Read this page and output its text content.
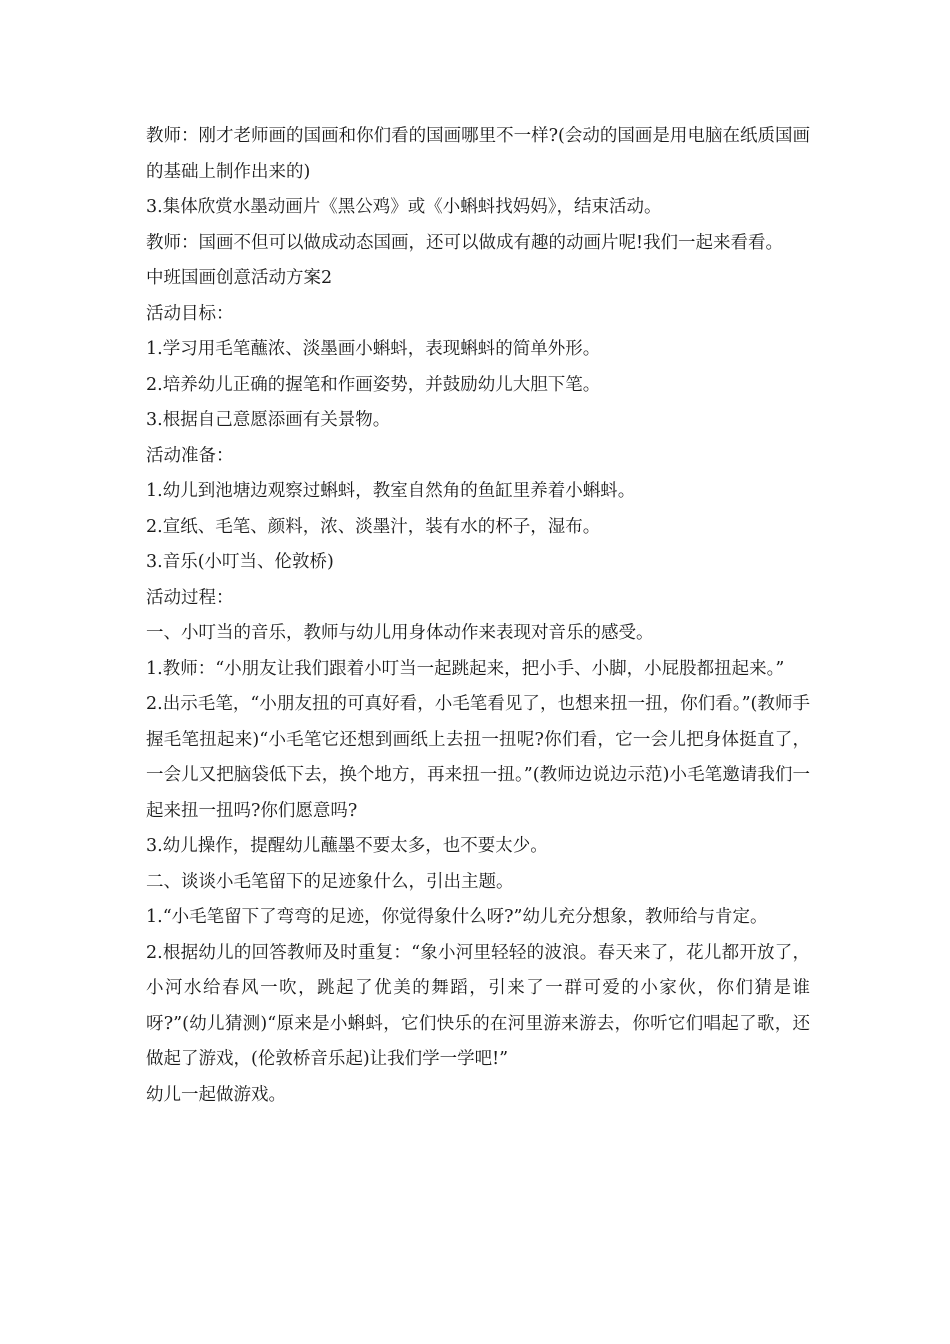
教师：刚才老师画的国画和你们看的国画哪里不一样?(会动的国画是用电脑在纸质国画的基础上制作出来的)

3.集体欣赏水墨动画片《黑公鸡》或《小蝌蚪找妈妈》，结束活动。

教师：国画不但可以做成动态国画，还可以做成有趣的动画片呢!我们一起来看看。

中班国画创意活动方案2

活动目标：

1.学习用毛笔蘸浓、淡墨画小蝌蚪，表现蝌蚪的简单外形。

2.培养幼儿正确的握笔和作画姿势，并鼓励幼儿大胆下笔。

3.根据自己意愿添画有关景物。

活动准备：

1.幼儿到池塘边观察过蝌蚪，教室自然角的鱼缸里养着小蝌蚪。

2.宣纸、毛笔、颜料，浓、淡墨汁，装有水的杯子，湿布。

3.音乐(小叮当、伦敦桥)

活动过程：

一、小叮当的音乐，教师与幼儿用身体动作来表现对音乐的感受。

1.教师：“小朋友让我们跟着小叮当一起跳起来，把小手、小脚，小屁股都扭起来。”

2.出示毛笔，“小朋友扭的可真好看，小毛笔看见了，也想来扭一扭，你们看。”(教师手握毛笔扭起来)“小毛笔它还想到画纸上去扭一扭呢?你们看，它一会儿把身体挺直了，一会儿又把脑袋低下去，换个地方，再来扭一扭。”(教师边说边示范)小毛笔邀请我们一起来扭一扭吗?你们愿意吗?

3.幼儿操作，提醒幼儿蘸墨不要太多，也不要太少。

二、谈谈小毛笔留下的足迹象什么，引出主题。

1.“小毛笔留下了弯弯的足迹，你觉得象什么呀?”幼儿充分想象，教师给与肯定。

2.根据幼儿的回答教师及时重复：“象小河里轻轻的波浪。春天来了，花儿都开放了，小河水给春风一吹，跳起了优美的舞蹈，引来了一群可爱的小家伙，你们猜是谁呀?”(幼儿猜测)“原来是小蝌蚪，它们快乐的在河里游来游去，你听它们唱起了歌，还做起了游戏，(伦敦桥音乐起)让我们学一学吧!”

幼儿一起做游戏。
